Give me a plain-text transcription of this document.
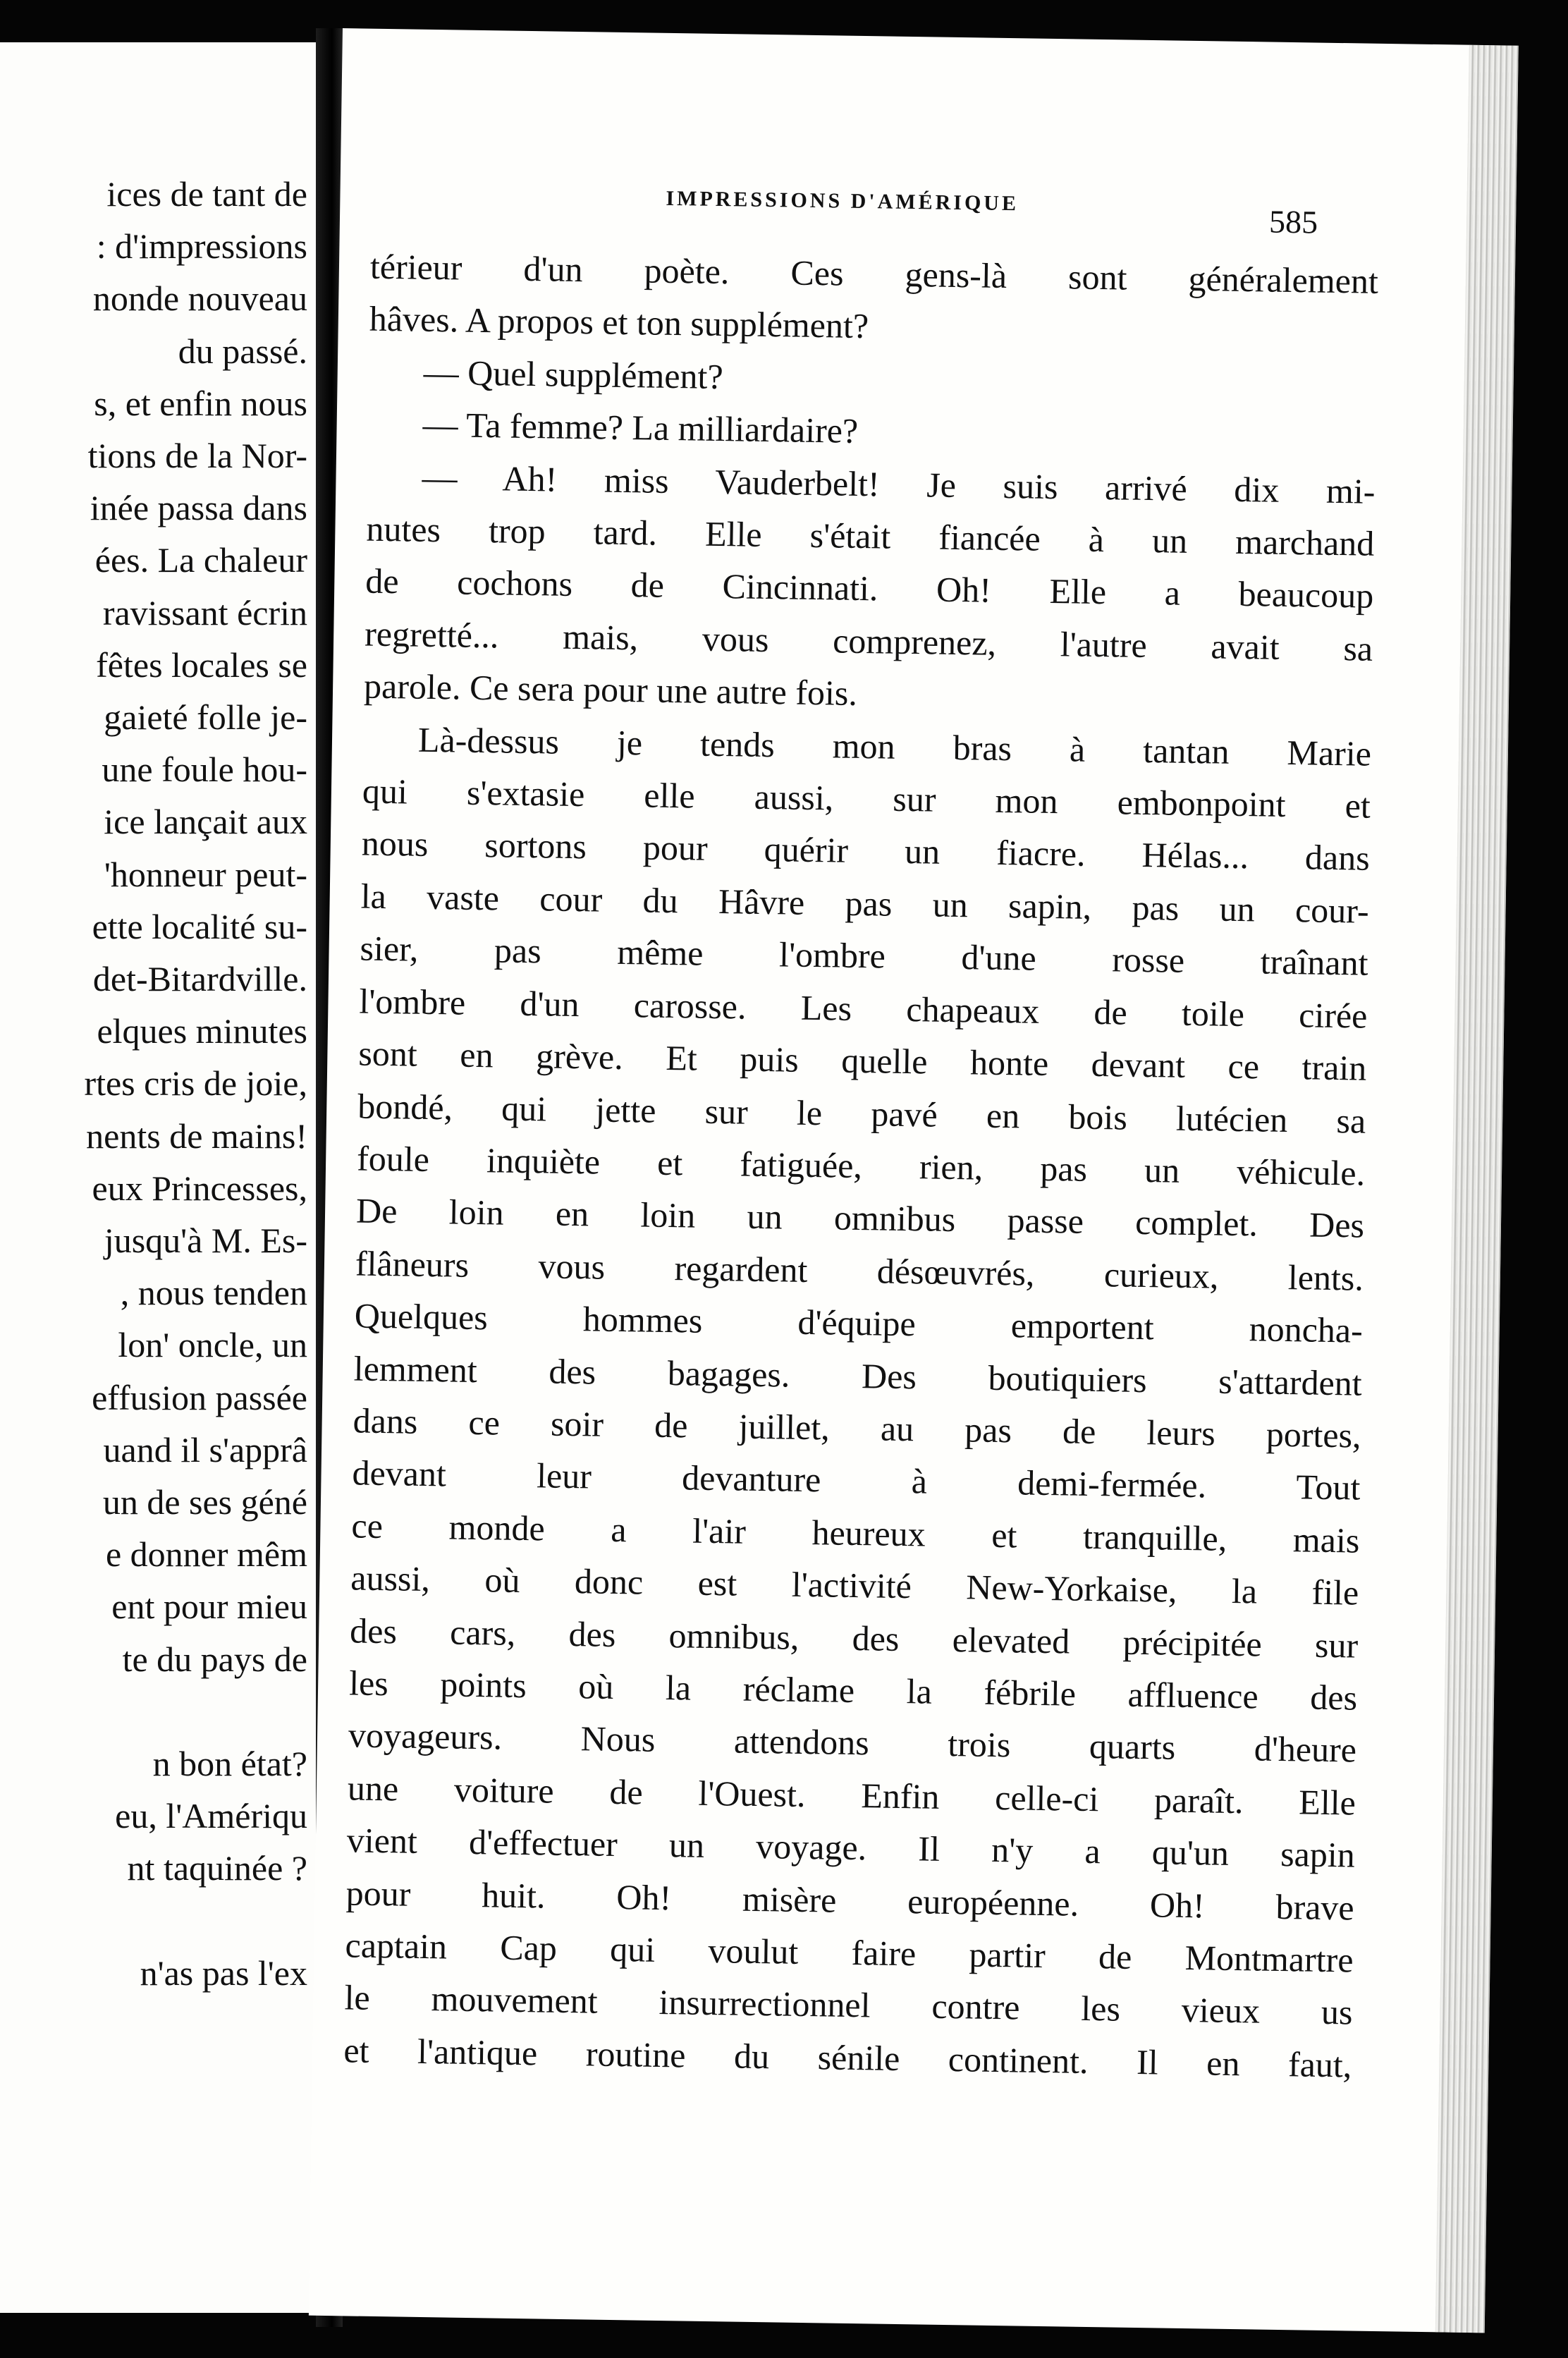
ices de tant de
: d'impressions
nonde nouveau
du passé.
s, et enfin nous
tions de la Nor-
inée passa dans
ées. La chaleur
ravissant écrin
fêtes locales se
gaieté folle je-
une foule hou-
ice lançait aux
'honneur peut-
ette localité su-
det-Bitardville.
elques minutes
rtes cris de joie,
nents de mains!
eux Princesses,
jusqu'à M. Es-
, nous tenden
lon' oncle, un
effusion passée
uand il s'apprâ
un de ses géné
e donner mêm
ent pour mieu
te du pays de
n bon état?
eu, l'Amériqu
nt taquinée ?
n'as pas l'ex
IMPRESSIONS D'AMÉRIQUE
585
térieur d'un poète. Ces gens-là sont généralement
hâves. A propos et ton supplément?
— Quel supplément?
— Ta femme? La milliardaire?
— Ah! miss Vauderbelt! Je suis arrivé dix mi-
nutes trop tard. Elle s'était fiancée à un marchand
de cochons de Cincinnati. Oh! Elle a beaucoup
regretté... mais, vous comprenez, l'autre avait sa
parole. Ce sera pour une autre fois.
Là-dessus je tends mon bras à tantan Marie
qui s'extasie elle aussi, sur mon embonpoint et
nous sortons pour quérir un fiacre. Hélas... dans
la vaste cour du Hâvre pas un sapin, pas un cour-
sier, pas même l'ombre d'une rosse traînant
l'ombre d'un carosse. Les chapeaux de toile cirée
sont en grève. Et puis quelle honte devant ce train
bondé, qui jette sur le pavé en bois lutécien sa
foule inquiète et fatiguée, rien, pas un véhicule.
De loin en loin un omnibus passe complet. Des
flâneurs vous regardent désœuvrés, curieux, lents.
Quelques hommes d'équipe emportent noncha-
lemment des bagages. Des boutiquiers s'attardent
dans ce soir de juillet, au pas de leurs portes,
devant leur devanture à demi-fermée. Tout
ce monde a l'air heureux et tranquille, mais
aussi, où donc est l'activité New-Yorkaise, la file
des cars, des omnibus, des elevated précipitée sur
les points où la réclame la fébrile affluence des
voyageurs. Nous attendons trois quarts d'heure
une voiture de l'Ouest. Enfin celle-ci paraît. Elle
vient d'effectuer un voyage. Il n'y a qu'un sapin
pour huit. Oh! misère européenne. Oh! brave
captain Cap qui voulut faire partir de Montmartre
le mouvement insurrectionnel contre les vieux us
et l'antique routine du sénile continent. Il en faut,
